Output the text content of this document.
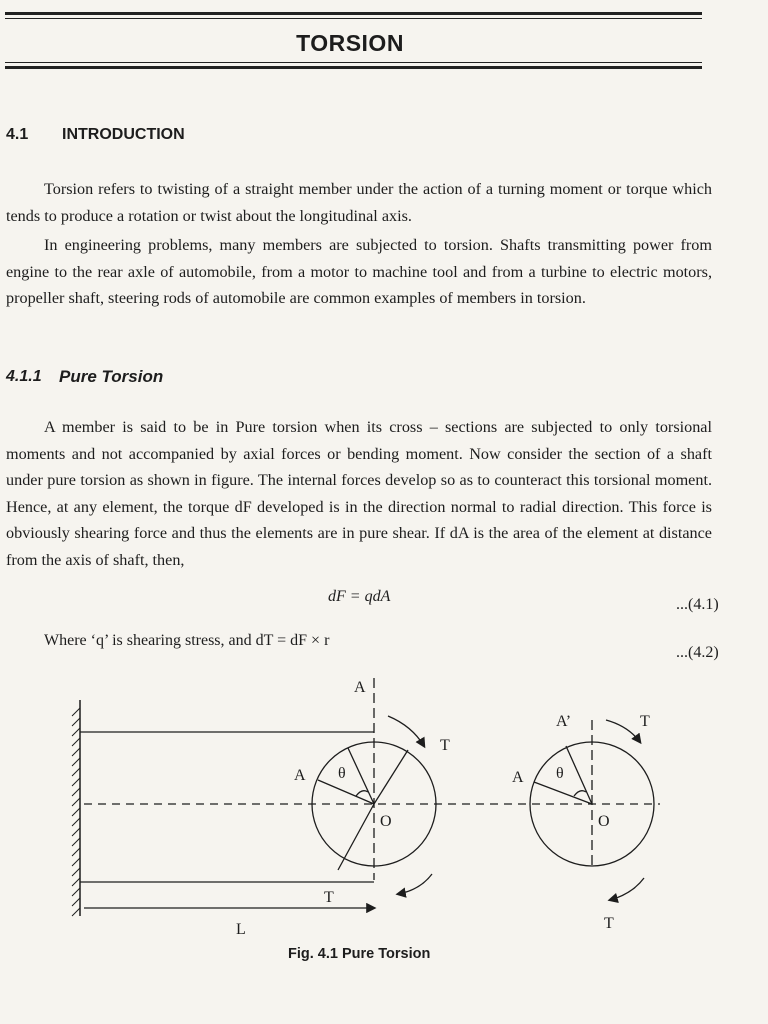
TORSION
4.1 INTRODUCTION

Torsion refers to twisting of a straight member under the action of a turning moment or torque which tends to produce a rotation or twist about the longitudinal axis.

In engineering problems, many members are subjected to torsion. Shafts transmitting power from engine to the rear axle of automobile, from a motor to machine tool and from a turbine to electric motors, propeller shaft, steering rods of automobile are common examples of members in torsion.

4.1.1 Pure Torsion

A member is said to be in Pure torsion when its cross – sections are subjected to only torsional moments and not accompanied by axial forces or bending moment. Now consider the section of a shaft under pure torsion as shown in figure. The internal forces develop so as to counteract this torsional moment. Hence, at any element, the torque dF developed is in the direction normal to radial direction. This force is obviously shearing force and thus the elements are in pure shear. If dA is the area of the element at distance from the axis of shaft, then,

dF = qdA	...(4.1)
Where ‘q’ is shearing stress, and dT = dF × r
...(4.2)
A
A θ
O
T
T
L
A’
A θ
O
T
T
Fig. 4.1 Pure Torsion
